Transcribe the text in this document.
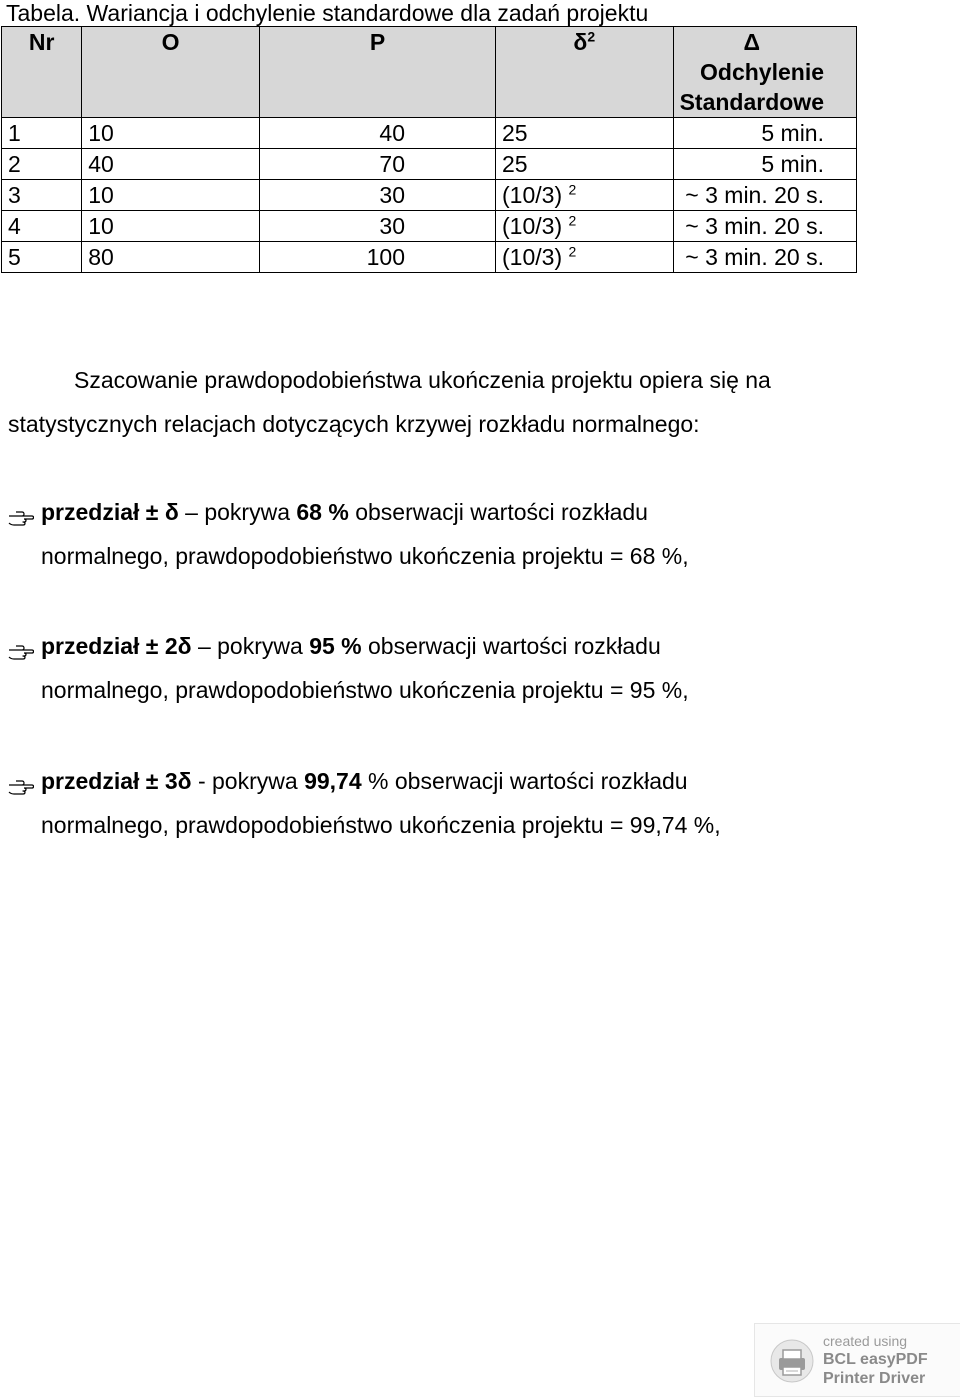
Tabela. Wariancja i odchylenie standardowe dla zadań projektu
Nr	O	P	$\delta^2$	Δ
Odchylenie
Standardowe

1	10	40	25	5 min.
2	40	70	25	5 min.
3	10	30	(10/3) $^2$	~ 3 min. 20 s.
4	10	30	(10/3) $^2$	~ 3 min. 20 s.
5	80	100	(10/3) $^2$	~ 3 min. 20 s.
Szacowanie prawdopodobieństwa ukończenia projektu opiera się na
statystycznych relacjach dotyczących krzywej rozkładu normalnego:
przedział ± δ – pokrywa 68 % obserwacji wartości rozkładu
normalnego, prawdopodobieństwo ukończenia projektu = 68 %,
przedział ± 2δ – pokrywa 95 % obserwacji wartości rozkładu
normalnego, prawdopodobieństwo ukończenia projektu = 95 %,
przedział ± 3δ - pokrywa 99,74 % obserwacji wartości rozkładu
normalnego, prawdopodobieństwo ukończenia projektu = 99,74 %,
created using
BCL easyPDF
Printer Driver
